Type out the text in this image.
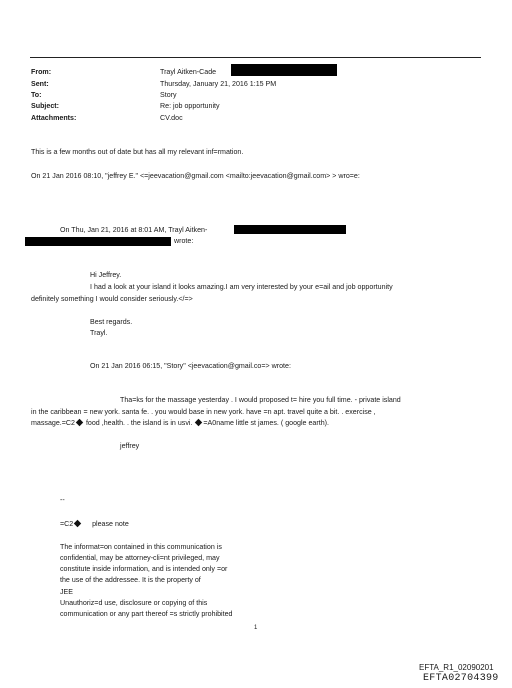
From:	Trayl Aitken-Cade
Sent:	Thursday, January 21, 2016 1:15 PM
To:	Story
Subject:	Re: job opportunity
Attachments:	CV.doc
This is a few months out of date but has all my relevant inf=rmation.
On 21 Jan 2016 08:10, "jeffrey E." <=jeevacation@gmail.com <mailto:jeevacation@gmail.com> > wro=e:
On Thu, Jan 21, 2016 at 8:01 AM, Trayl Aitken-
wrote:
Hi Jeffrey.
I had a look at your island it looks amazing.I am very interested by your e=ail and job opportunity
definitely something I would consider seriously.</=>
Best regards.
Trayl.
On 21 Jan 2016 06:15, "Story" <jeevacation@gmail.co=> wrote:
Tha=ks for the massage yesterday . I would proposed t= hire you full time. - private island
in the caribbean = new york. santa fe. . you would base in new york. have =n apt. travel quite a bit. . exercise ,
massage.=C2 food ,health. . the island is in usvi. =A0name little st james. ( google earth).
jeffrey
--
=C2	please note
The informat=on contained in this communication is
confidential, may be attorney-cli=nt privileged, may
constitute inside information, and is intended only =or
the use of the addressee. It is the property of
JEE
Unauthoriz=d use, disclosure or copying of this
communication or any part thereof =s strictly prohibited
1
EFTA_R1_02090201
EFTA02704399
